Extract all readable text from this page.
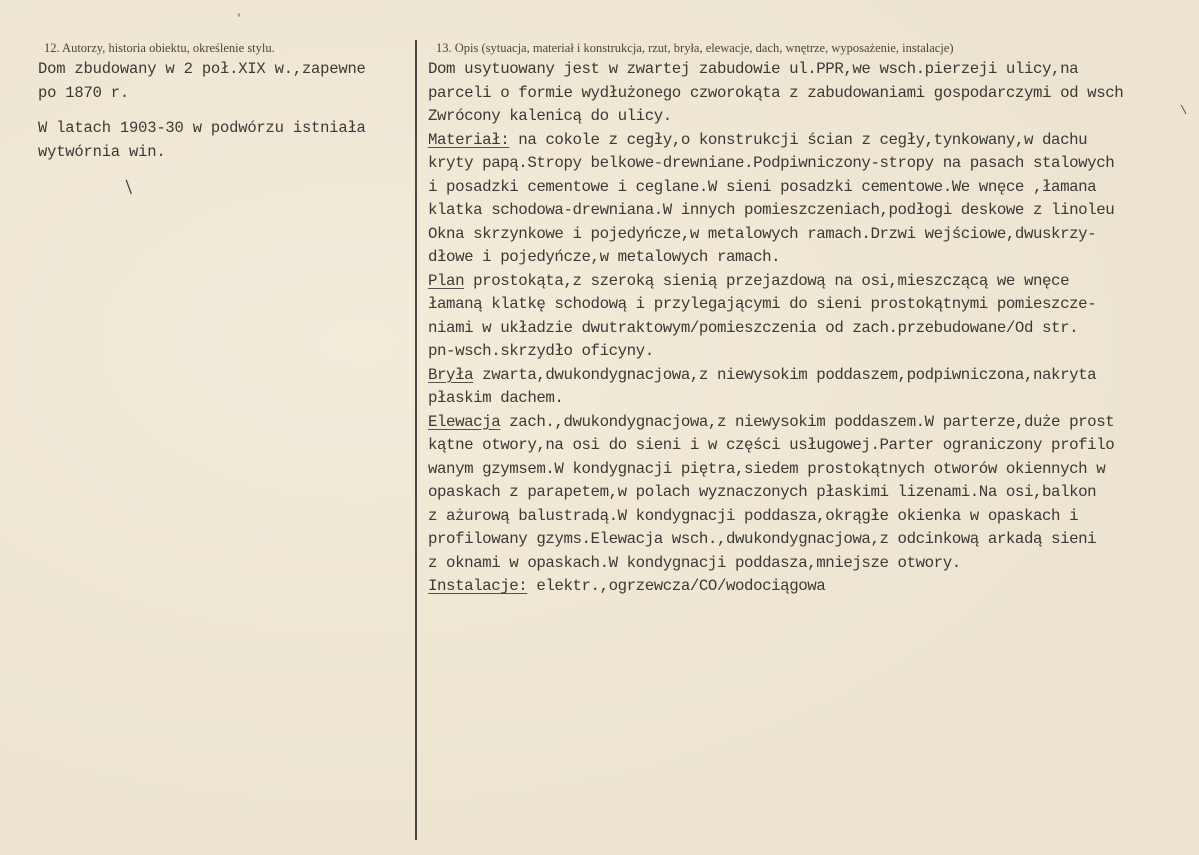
'
|
\
12. Autorzy, historia obiektu, określenie stylu.
Dom zbudowany w 2 poł.XIX w.,zapewne
po 1870 r.
W latach 1903-30 w podwórzu istniała
wytwórnia win.
13. Opis (sytuacja, materiał i konstrukcja, rzut, bryła, elewacje, dach, wnętrze, wyposażenie, instalacje)
Dom usytuowany jest w zwartej zabudowie ul.PPR,we wsch.pierzeji ulicy,na
parceli o formie wydłużonego czworokąta z zabudowaniami gospodarczymi od wsch
Zwrócony kalenicą do ulicy.
Materiał: na cokole z cegły,o konstrukcji ścian z cegły,tynkowany,w dachu
kryty papą.Stropy belkowe-drewniane.Podpiwniczony-stropy na pasach stalowych
i posadzki cementowe i ceglane.W sieni posadzki cementowe.We wnęce ,łamana
klatka schodowa-drewniana.W innych pomieszczeniach,podłogi deskowe z linoleu
Okna skrzynkowe i pojedyńcze,w metalowych ramach.Drzwi wejściowe,dwuskrzy-
dłowe i pojedyńcze,w metalowych ramach.
Plan prostokąta,z szeroką sienią przejazdową na osi,mieszczącą we wnęce
łamaną klatkę schodową i przylegającymi do sieni prostokątnymi pomieszcze-
niami w układzie dwutraktowym/pomieszczenia od zach.przebudowane/Od str.
pn-wsch.skrzydło oficyny.
Bryła zwarta,dwukondygnacjowa,z niewysokim poddaszem,podpiwniczona,nakryta
płaskim dachem.
Elewacja zach.,dwukondygnacjowa,z niewysokim poddaszem.W parterze,duże prost
kątne otwory,na osi do sieni i w części usługowej.Parter ograniczony profilo
wanym gzymsem.W kondygnacji piętra,siedem prostokątnych otworów okiennych w
opaskach z parapetem,w polach wyznaczonych płaskimi lizenami.Na osi,balkon
z ażurową balustradą.W kondygnacji poddasza,okrągłe okienka w opaskach i
profilowany gzyms.Elewacja wsch.,dwukondygnacjowa,z odcinkową arkadą sieni
z oknami w opaskach.W kondygnacji poddasza,mniejsze otwory.
Instalacje: elektr.,ogrzewcza/CO/wodociągowa
